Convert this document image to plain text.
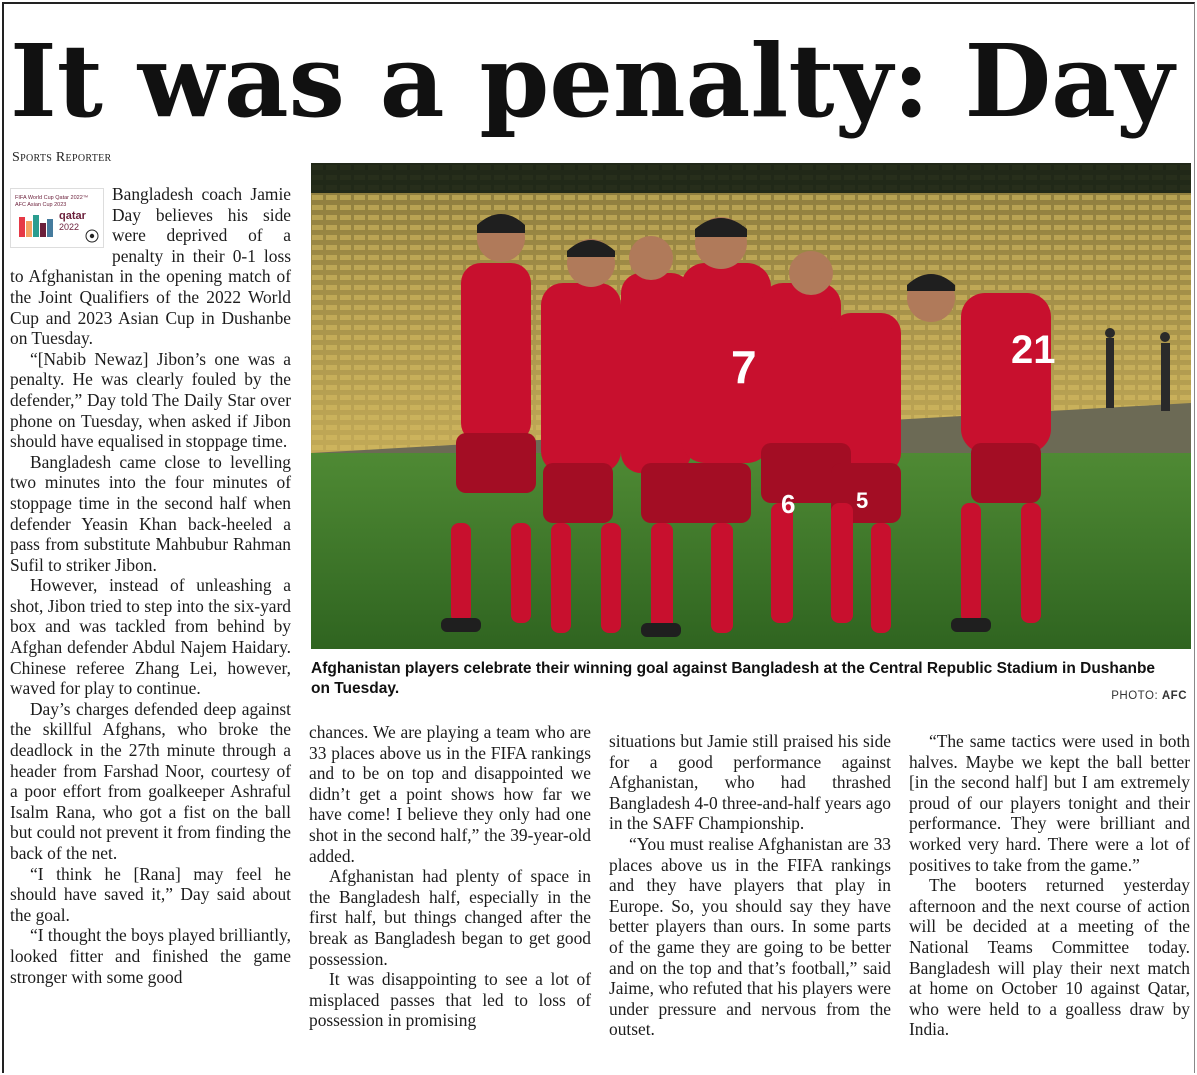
It was a penalty: Day
Sports Reporter
7
6	5
21
Afghanistan players celebrate their winning goal against Bangladesh at the Central Republic Stadium in Dushanbe on Tuesday.	PHOTO: AFC
FIFA World Cup Qatar 2022™
AFC Asian Cup 2023
qatar
2022

Bangladesh coach Jamie Day believes his side were deprived of a penalty in their 0-1 loss to Afghanistan in the opening match of the Joint Qualifiers of the 2022 World Cup and 2023 Asian Cup in Dushanbe on Tuesday.

“[Nabib Newaz] Jibon’s one was a penalty. He was clearly fouled by the defender,” Day told The Daily Star over phone on Tuesday, when asked if Jibon should have equalised in stoppage time.

Bangladesh came close to levelling two minutes into the four minutes of stoppage time in the second half when defender Yeasin Khan back-heeled a pass from substitute Mahbubur Rahman Sufil to striker Jibon.

However, instead of unleashing a shot, Jibon tried to step into the six-yard box and was tackled from behind by Afghan defender Abdul Najem Haidary. Chinese referee Zhang Lei, however, waved for play to continue.

Day’s charges defended deep against the skillful Afghans, who broke the deadlock in the 27th minute through a header from Farshad Noor, courtesy of a poor effort from goalkeeper Ashraful Isalm Rana, who got a fist on the ball but could not prevent it from finding the back of the net.

“I think he [Rana] may feel he should have saved it,” Day said about the goal.

“I thought the boys played brilliantly, looked fitter and finished the game stronger with some good

chances. We are playing a team who are 33 places above us in the FIFA rankings and to be on top and disappointed we didn’t get a point shows how far we have come! I believe they only had one shot in the second half,” the 39-year-old added.

Afghanistan had plenty of space in the Bangladesh half, especially in the first half, but things changed after the break as Bangladesh began to get good possession.

It was disappointing to see a lot of misplaced passes that led to loss of possession in promising

situations but Jamie still praised his side for a good performance against Afghanistan, who had thrashed Bangladesh 4-0 three-and-half years ago in the SAFF Championship.

“You must realise Afghanistan are 33 places above us in the FIFA rankings and they have players that play in Europe. So, you should say they have better players than ours. In some parts of the game they are going to be better and on the top and that’s football,” said Jaime, who refuted that his players were under pressure and nervous from the outset.

“The same tactics were used in both halves. Maybe we kept the ball better [in the second half] but I am extremely proud of our players tonight and their performance. They were brilliant and worked very hard. There were a lot of positives to take from the game.”

The booters returned yesterday afternoon and the next course of action will be decided at a meeting of the National Teams Committee today. Bangladesh will play their next match at home on October 10 against Qatar, who were held to a goalless draw by India.
